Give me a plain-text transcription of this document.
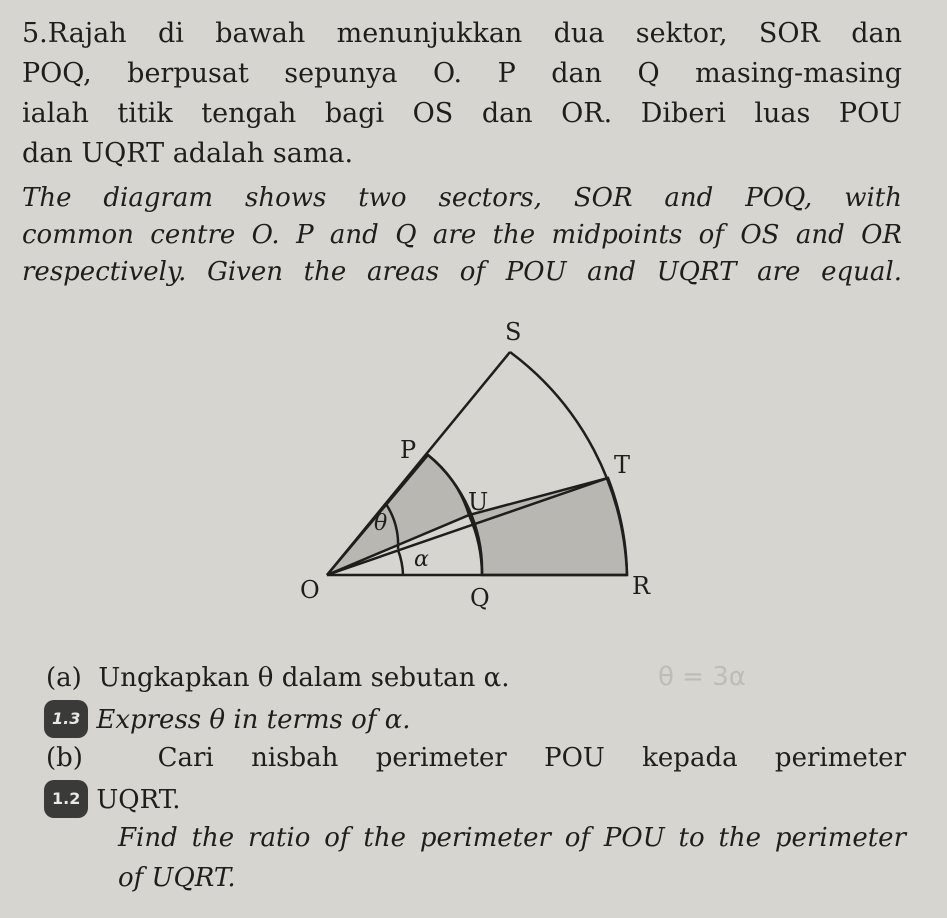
5.Rajah di bawah menunjukkan dua sektor, SOR dan
POQ, berpusat sepunya O. P dan Q masing-masing
ialah titik tengah bagi OS dan OR. Diberi luas POU
dan UQRT adalah sama.
The diagram shows two sectors, SOR and POQ, with
common centre O. P and Q are the midpoints of OS and OR
respectively. Given the areas of POU and UQRT are equal.
S
P
T
U
O	Q	R
θ
α
(a) Ungkapkan θ dalam sebutan α.	θ = 3α
1.3 Express θ in terms of α.
(b)	Cari nisbah perimeter POU kepada perimeter
1.2 UQRT.
Find the ratio of the perimeter of POU to the perimeter
of UQRT.
